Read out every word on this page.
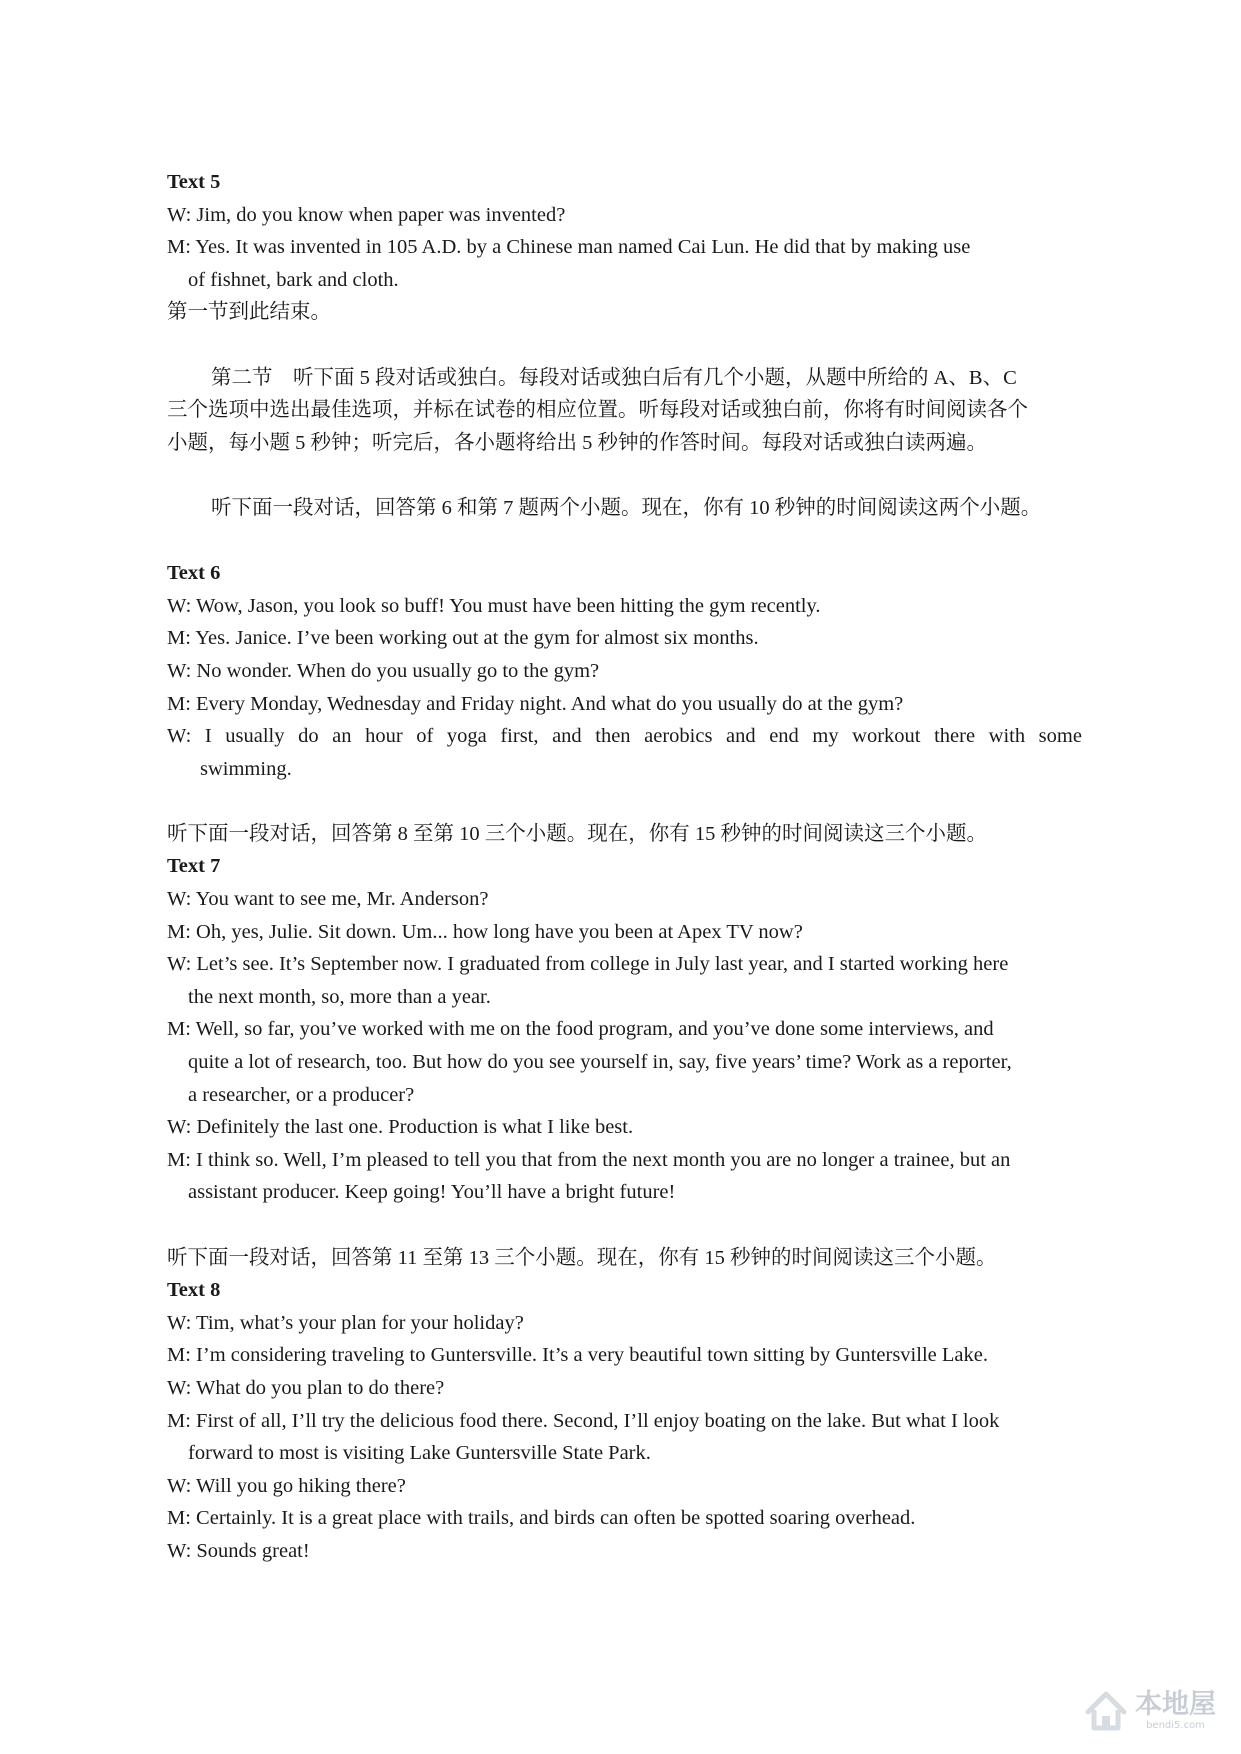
Text 5
W: Jim, do you know when paper was invented?
M: Yes. It was invented in 105 A.D. by a Chinese man named Cai Lun. He did that by making use
of fishnet, bark and cloth.
第一节到此结束。
第二节　听下面 5 段对话或独白。每段对话或独白后有几个小题，从题中所给的 A、B、C
三个选项中选出最佳选项，并标在试卷的相应位置。听每段对话或独白前，你将有时间阅读各个
小题，每小题 5 秒钟；听完后，各小题将给出 5 秒钟的作答时间。每段对话或独白读两遍。
听下面一段对话，回答第 6 和第 7 题两个小题。现在，你有 10 秒钟的时间阅读这两个小题。
Text 6
W: Wow, Jason, you look so buff! You must have been hitting the gym recently.
M: Yes. Janice. I’ve been working out at the gym for almost six months.
W: No wonder. When do you usually go to the gym?
M: Every Monday, Wednesday and Friday night. And what do you usually do at the gym?
W: I usually do an hour of yoga first, and then aerobics and end my workout there with some
swimming.
听下面一段对话，回答第 8 至第 10 三个小题。现在，你有 15 秒钟的时间阅读这三个小题。
Text 7
W: You want to see me, Mr. Anderson?
M: Oh, yes, Julie. Sit down. Um... how long have you been at Apex TV now?
W: Let’s see. It’s September now. I graduated from college in July last year, and I started working here
the next month, so, more than a year.
M: Well, so far, you’ve worked with me on the food program, and you’ve done some interviews, and
quite a lot of research, too. But how do you see yourself in, say, five years’ time? Work as a reporter,
a researcher, or a producer?
W: Definitely the last one. Production is what I like best.
M: I think so. Well, I’m pleased to tell you that from the next month you are no longer a trainee, but an
assistant producer. Keep going! You’ll have a bright future!
听下面一段对话，回答第 11 至第 13 三个小题。现在，你有 15 秒钟的时间阅读这三个小题。
Text 8
W: Tim, what’s your plan for your holiday?
M: I’m considering traveling to Guntersville. It’s a very beautiful town sitting by Guntersville Lake.
W: What do you plan to do there?
M: First of all, I’ll try the delicious food there. Second, I’ll enjoy boating on the lake. But what I look
forward to most is visiting Lake Guntersville State Park.
W: Will you go hiking there?
M: Certainly. It is a great place with trails, and birds can often be spotted soaring overhead.
W: Sounds great!
本地屋
bendi5.com
